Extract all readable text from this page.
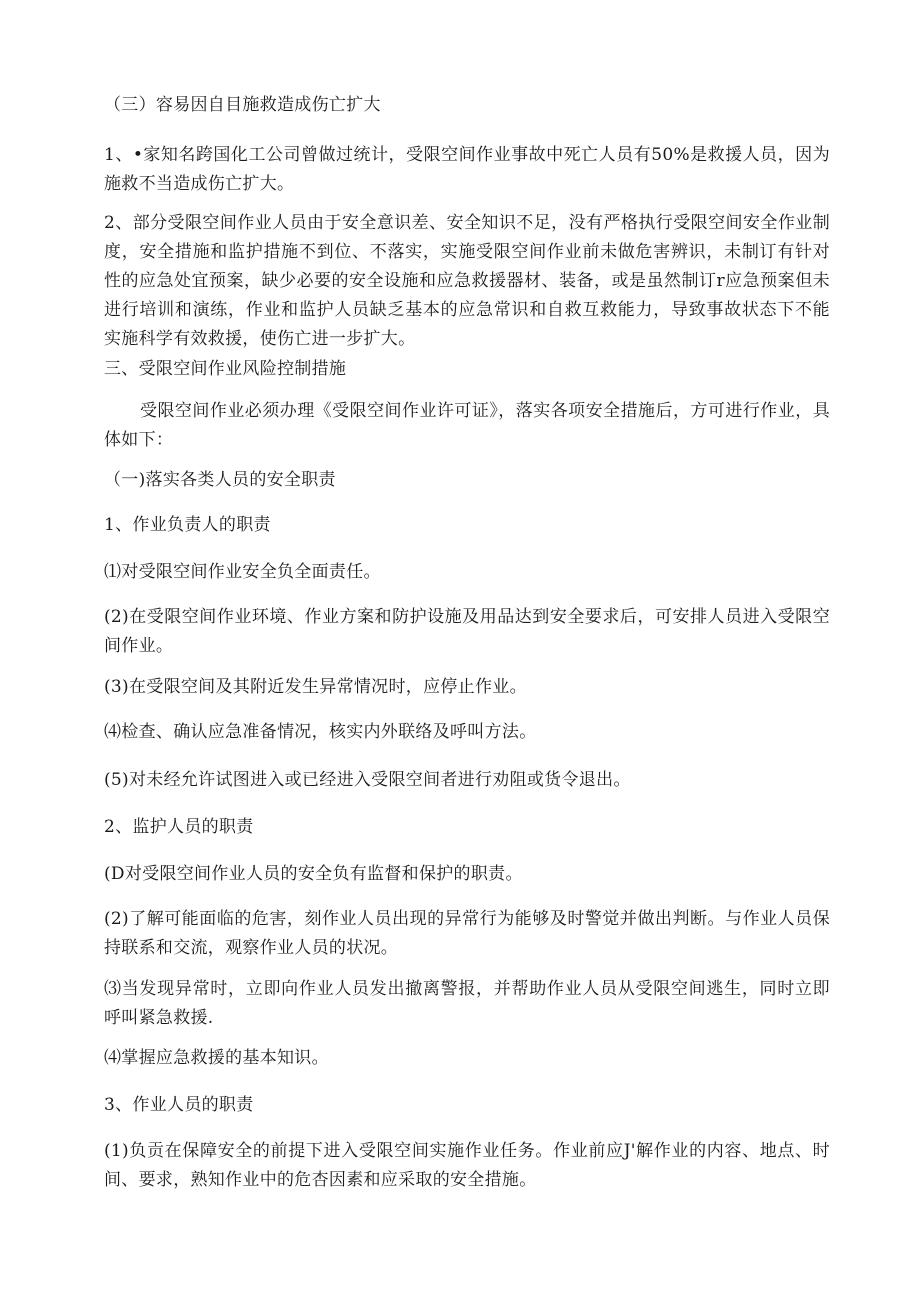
（三）容易因自目施救造成伤亡扩大

1、•家知名跨国化工公司曾做过统计，受限空间作业事故中死亡人员有50%是救援人员，因为施救不当造成伤亡扩大。

2、部分受限空间作业人员由于安全意识差、安全知识不足，没有严格执行受限空间安全作业制度，安全措施和监护措施不到位、不落实，实施受限空间作业前未做危害辨识，未制订有针对性的应急处宜预案，缺少必要的安全设施和应急救援器材、装备，或是虽然制订r应急预案但未进行培训和演练，作业和监护人员缺乏基本的应急常识和自救互救能力，导致事故状态下不能实施科学有效救援，使伤亡进一步扩大。

三、受限空间作业风险控制措施

受限空间作业必须办理《受限空间作业许可证》，落实各项安全措施后，方可进行作业，具体如下：

（一)落实各类人员的安全职责

1、作业负责人的职责

⑴对受限空间作业安全负全面责任。

(2)在受限空间作业环境、作业方案和防护设施及用品达到安全要求后，可安排人员进入受限空间作业。

(3)在受限空间及其附近发生异常情况时，应停止作业。

⑷检查、确认应急准备情况，核实内外联络及呼叫方法。

(5)对未经允许试图进入或已经进入受限空间者进行劝阻或货令退出。

2、监护人员的职责

(D对受限空间作业人员的安全负有监督和保护的职责。

(2)了解可能面临的危害，刻作业人员出现的异常行为能够及时警觉并做出判断。与作业人员保持联系和交流，观察作业人员的状况。

⑶当发现异常时，立即向作业人员发出撤离警报，并帮助作业人员从受限空间逃生，同时立即呼叫紧急救援.

⑷掌握应急救援的基本知识。

3、作业人员的职责

(1)负贡在保障安全的前提下进入受限空间实施作业任务。作业前应J'解作业的内容、地点、时间、要求，熟知作业中的危杏因素和应采取的安全措施。
